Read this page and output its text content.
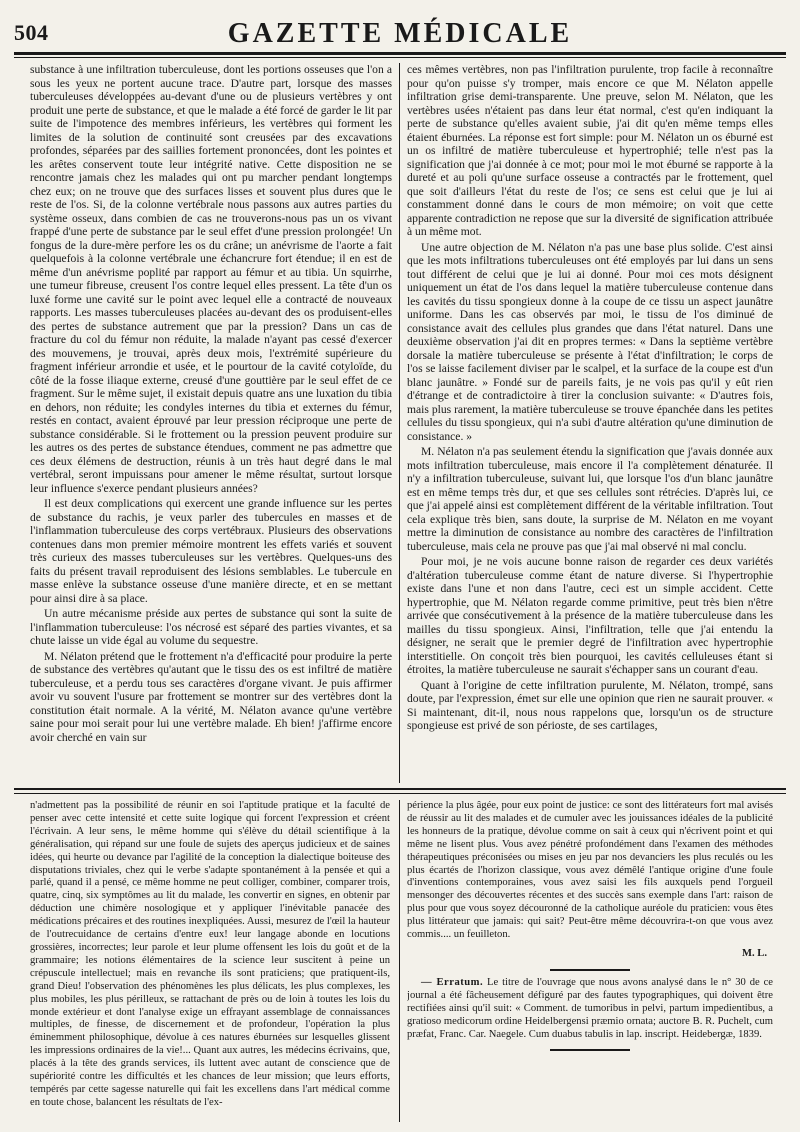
504	GAZETTE MÉDICALE

substance à une infiltration tuberculeuse, dont les portions osseuses que l'on a sous les yeux ne portent aucune trace. D'autre part, lorsque des masses tuberculeuses développées au-devant d'une ou de plusieurs vertèbres y ont produit une perte de substance, et que le malade a été forcé de garder le lit par suite de l'impotence des membres inférieurs, les vertèbres qui forment les limites de la solution de continuité sont creusées par des excavations profondes, séparées par des saillies fortement prononcées, dont les pointes et les arêtes conservent toute leur intégrité native. Cette disposition ne se rencontre jamais chez les malades qui ont pu marcher pendant longtemps chez eux; on ne trouve que des surfaces lisses et souvent plus dures que le reste de l'os. Si, de la colonne vertébrale nous passons aux autres parties du système osseux, dans combien de cas ne trouverons-nous pas un os vivant frappé d'une perte de substance par le seul effet d'une pression prolongée! Un fongus de la dure-mère perfore les os du crâne; un anévrisme de l'aorte a fait quelquefois à la colonne vertébrale une échancrure fort étendue; il en est de même d'un anévrisme poplité par rapport au fémur et au tibia. Un squirrhe, une tumeur fibreuse, creusent l'os contre lequel elles pressent. La tête d'un os luxé forme une cavité sur le point avec lequel elle a contracté de nouveaux rapports. Les masses tuberculeuses placées au-devant des os produisent-elles des pertes de substance autrement que par la pression? Dans un cas de fracture du col du fémur non réduite, la malade n'ayant pas cessé d'exercer des mouvemens, je trouvai, après deux mois, l'extrémité supérieure du fragment inférieur arrondie et usée, et le pourtour de la cavité cotyloïde, du côté de la fosse iliaque externe, creusé d'une gouttière par le seul effet de ce fragment. Sur le même sujet, il existait depuis quatre ans une luxation du tibia en dehors, non réduite; les condyles internes du tibia et externes du fémur, restés en contact, avaient éprouvé par leur pression réciproque une perte de substance considérable. Si le frottement ou la pression peuvent produire sur les autres os des pertes de substance étendues, comment ne pas admettre que ces deux élémens de destruction, réunis à un très haut degré dans le mal vertébral, seront impuissans pour amener le même résultat, surtout lorsque leur influence s'exerce pendant plusieurs années?

Il est deux complications qui exercent une grande influence sur les pertes de substance du rachis, je veux parler des tubercules en masses et de l'inflammation tuberculeuse des corps vertébraux. Plusieurs des observations contenues dans mon premier mémoire montrent les effets variés et souvent très curieux des masses tuberculeuses sur les vertèbres. Quelques-uns des faits du présent travail reproduisent des lésions semblables. Le tubercule en masse enlève la substance osseuse d'une manière directe, et en se mettant pour ainsi dire à sa place.

Un autre mécanisme préside aux pertes de substance qui sont la suite de l'inflammation tuberculeuse: l'os nécrosé est séparé des parties vivantes, et sa chute laisse un vide égal au volume du sequestre.

M. Nélaton prétend que le frottement n'a d'efficacité pour produire la perte de substance des vertèbres qu'autant que le tissu des os est infiltré de matière tuberculeuse, et a perdu tous ses caractères d'organe vivant. Je puis affirmer avoir vu souvent l'usure par frottement se montrer sur des vertèbres dont la constitution était normale. A la vérité, M. Nélaton avance qu'une vertèbre saine pour moi serait pour lui une vertèbre malade. Eh bien! j'affirme encore avoir cherché en vain sur

ces mêmes vertèbres, non pas l'infiltration purulente, trop facile à reconnaître pour qu'on puisse s'y tromper, mais encore ce que M. Nélaton appelle infiltration grise demi-transparente. Une preuve, selon M. Nélaton, que les vertèbres usées n'étaient pas dans leur état normal, c'est qu'en indiquant la perte de substance qu'elles avaient subie, j'ai dit qu'en même temps elles étaient éburnées. La réponse est fort simple: pour M. Nélaton un os éburné est un os infiltré de matière tuberculeuse et hypertrophié; telle n'est pas la signification que j'ai donnée à ce mot; pour moi le mot éburné se rapporte à la dureté et au poli qu'une surface osseuse a contractés par le frottement, quel que soit d'ailleurs l'état du reste de l'os; ce sens est celui que je lui ai constamment donné dans le cours de mon mémoire; on voit que cette apparente contradiction ne repose que sur la diversité de signification attribuée à un même mot.

Une autre objection de M. Nélaton n'a pas une base plus solide. C'est ainsi que les mots infiltrations tuberculeuses ont été employés par lui dans un sens tout différent de celui que je lui ai donné. Pour moi ces mots désignent uniquement un état de l'os dans lequel la matière tuberculeuse contenue dans les cavités du tissu spongieux donne à la coupe de ce tissu un aspect jaunâtre uniforme. Dans les cas observés par moi, le tissu de l'os diminué de consistance avait des cellules plus grandes que dans l'état naturel. Dans une deuxième observation j'ai dit en propres termes: « Dans la septième vertèbre dorsale la matière tuberculeuse se présente à l'état d'infiltration; le corps de l'os se laisse facilement diviser par le scalpel, et la surface de la coupe est d'un blanc jaunâtre. » Fondé sur de pareils faits, je ne vois pas qu'il y eût rien d'étrange et de contradictoire à tirer la conclusion suivante: « D'autres fois, mais plus rarement, la matière tuberculeuse se trouve épanchée dans les petites cellules du tissu spongieux, qui n'a subi d'autre altération qu'une diminution de consistance. »

M. Nélaton n'a pas seulement étendu la signification que j'avais donnée aux mots infiltration tuberculeuse, mais encore il l'a complètement dénaturée. Il n'y a infiltration tuberculeuse, suivant lui, que lorsque l'os d'un blanc jaunâtre est en même temps très dur, et que ses cellules sont rétrécies. D'après lui, ce que j'ai appelé ainsi est complètement différent de la véritable infiltration. Tout cela explique très bien, sans doute, la surprise de M. Nélaton en me voyant mettre la diminution de consistance au nombre des caractères de l'infiltration tuberculeuse, mais cela ne prouve pas que j'ai mal observé ni mal conclu.

Pour moi, je ne vois aucune bonne raison de regarder ces deux variétés d'altération tuberculeuse comme étant de nature diverse. Si l'hypertrophie existe dans l'une et non dans l'autre, ceci est un simple accident. Cette hypertrophie, que M. Nélaton regarde comme primitive, peut très bien n'être arrivée que consécutivement à la présence de la matière tuberculeuse dans les mailles du tissu spongieux. Ainsi, l'infiltration, telle que j'ai entendu la désigner, ne serait que le premier degré de l'infiltration avec hypertrophie interstitielle. On conçoit très bien pourquoi, les cavités celluleuses étant si étroites, la matière tuberculeuse ne saurait s'échapper sans un courant d'eau.

Quant à l'origine de cette infiltration purulente, M. Nélaton, trompé, sans doute, par l'expression, émet sur elle une opinion que rien ne saurait prouver. « Si maintenant, dit-il, nous nous rappelons que, lorsqu'un os de structure spongieuse est privé de son périoste, de ses cartilages,

n'admettent pas la possibilité de réunir en soi l'aptitude pratique et la faculté de penser avec cette intensité et cette suite logique qui forcent l'expression et créent l'écrivain. A leur sens, le même homme qui s'élève du détail scientifique à la généralisation, qui répand sur une foule de sujets des aperçus judicieux et de saines idées, qui heurte ou devance par l'agilité de la conception la dialectique boiteuse des disputations triviales, chez qui le verbe s'adapte spontanément à la pensée et qui a parlé, quand il a pensé, ce même homme ne peut colliger, combiner, comparer trois, quatre, cinq, six symptômes au lit du malade, les convertir en signes, en obtenir par déduction une chimère nosologique et y appliquer l'inévitable panacée des médications précaires et des routines inexpliquées. Aussi, mesurez de l'œil la hauteur de l'outrecuidance de certains d'entre eux! leur langage abonde en locutions grossières, incorrectes; leur parole et leur plume offensent les lois du goût et de la grammaire; les notions élémentaires de la science leur suscitent à peine un crépuscule intellectuel; mais en revanche ils sont praticiens; que pratiquent-ils, grand Dieu! l'observation des phénomènes les plus délicats, les plus complexes, les plus mobiles, les plus périlleux, se rattachant de près ou de loin à toutes les lois du monde extérieur et dont l'analyse exige un effrayant assemblage de connaissances multiples, de finesse, de discernement et de profondeur, l'opération la plus éminemment philosophique, dévolue à ces natures éburnées sur lesquelles glissent les impressions ordinaires de la vie!... Quant aux autres, les médecins écrivains, que, placés à la tête des grands services, ils luttent avec autant de conscience que de supériorité contre les difficultés et les chances de leur mission; que leurs efforts, tempérés par cette sagesse naturelle qui fait les excellens dans l'art médical comme en toute chose, balancent les résultats de l'ex-

périence la plus âgée, pour eux point de justice: ce sont des littérateurs fort mal avisés de réussir au lit des malades et de cumuler avec les jouissances idéales de la publicité les honneurs de la pratique, dévolue comme on sait à ceux qui n'écrivent point et qui même ne lisent plus. Vous avez pénétré profondément dans l'examen des méthodes thérapeutiques préconisées ou mises en jeu par nos devanciers les plus reculés ou les plus écartés de l'horizon classique, vous avez démêlé l'antique origine d'une foule d'inventions contemporaines, vous avez saisi les fils auxquels pend l'orgueil mensonger des découvertes récentes et des succès sans exemple dans l'art: raison de plus pour que vous soyez découronné de la catholique auréole du praticien: vous êtes plus littérateur que jamais: qui sait? Peut-être même découvrira-t-on que vous avez commis.... un feuilleton.

M. L.

— Erratum. Le titre de l'ouvrage que nous avons analysé dans le n° 30 de ce journal a été fâcheusement défiguré par des fautes typographiques, qui doivent être rectifiées ainsi qu'il suit: « Comment. de tumoribus in pelvi, partum impedientibus, a gratioso medicorum ordine Heidelbergensi præmio ornata; auctore B. R. Puchelt, cum præfat, Franc. Car. Naegele. Cum duabus tabulis in lap. inscript. Heidebergæ, 1839.
